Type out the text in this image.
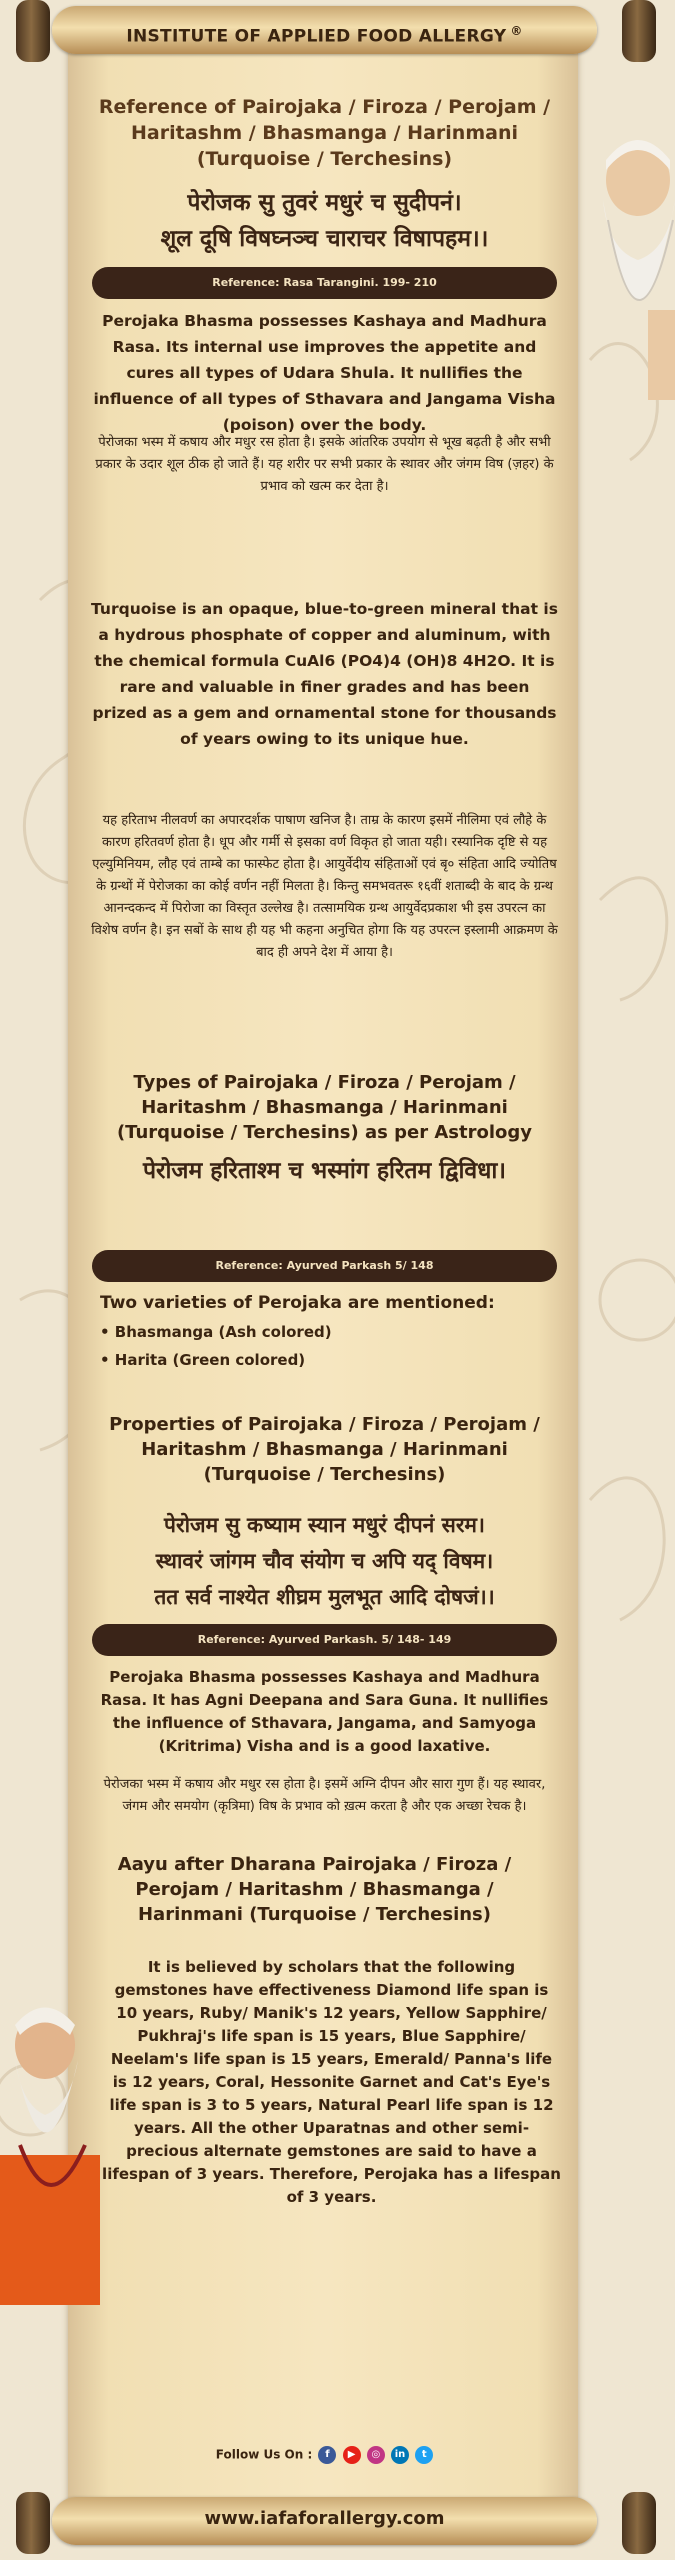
INSTITUTE OF APPLIED FOOD ALLERGY ®
Reference of Pairojaka / Firoza / Perojam / Haritashm / Bhasmanga / Harinmani (Turquoise / Terchesins)
पेरोजक सु तुवरं मधुरं च सुदीपनं।
शूल दूषि विषघ्नञ्च चाराचर विषापहम।।
Reference: Rasa Tarangini. 199- 210
Perojaka Bhasma possesses Kashaya and Madhura Rasa. Its internal use improves the appetite and cures all types of Udara Shula. It nullifies the influence of all types of Sthavara and Jangama Visha (poison) over the body.
पेरोजका भस्म में कषाय और मधुर रस होता है। इसके आंतरिक उपयोग से भूख बढ़ती है और सभी प्रकार के उदार शूल ठीक हो जाते हैं। यह शरीर पर सभी प्रकार के स्थावर और जंगम विष (ज़हर) के प्रभाव को खत्म कर देता है।
Turquoise is an opaque, blue-to-green mineral that is a hydrous phosphate of copper and aluminum, with the chemical formula CuAl6 (PO4)4 (OH)8 4H2O. It is rare and valuable in finer grades and has been prized as a gem and ornamental stone for thousands of years owing to its unique hue.
यह हरिताभ नीलवर्ण का अपारदर्शक पाषाण खनिज है। ताम्र के कारण इसमें नीलिमा एवं लौहे के कारण हरितवर्ण होता है। धूप और गर्मी से इसका वर्ण विकृत हो जाता यही। रस्यानिक दृष्टि से यह एल्युमिनियम, लौह एवं ताम्बे का फास्फेट होता है। आयुर्वेदीय संहिताओं एवं बृ० संहिता आदि ज्योतिष के ग्रन्थों में पेरोजका का कोई वर्णन नहीं मिलता है। किन्तु समभवतरू १६वीं शताब्दी के बाद के ग्रन्थ आनन्दकन्द में पिरोजा का विस्तृत उल्लेख है। तत्सामयिक ग्रन्थ आयुर्वेदप्रकाश भी इस उपरत्न का विशेष वर्णन है। इन सबों के साथ ही यह भी कहना अनुचित होगा कि यह उपरत्न इस्लामी आक्रमण के बाद ही अपने देश में आया है।
Types of Pairojaka / Firoza / Perojam / Haritashm / Bhasmanga / Harinmani (Turquoise / Terchesins) as per Astrology
पेरोजम हरिताश्म च भस्मांग हरितम द्विविधा।
Reference: Ayurved Parkash 5/ 148
Two varieties of Perojaka are mentioned:
• Bhasmanga (Ash colored)
• Harita (Green colored)
Properties of Pairojaka / Firoza / Perojam / Haritashm / Bhasmanga / Harinmani (Turquoise / Terchesins)
पेरोजम सु कष्याम स्यान मधुरं दीपनं सरम।
स्थावरं जांगम चौव संयोग च अपि यद् विषम।
तत सर्व नाश्येत शीघ्रम मुलभूत आदि दोषजं।।
Reference: Ayurved Parkash. 5/ 148- 149
Perojaka Bhasma possesses Kashaya and Madhura Rasa. It has Agni Deepana and Sara Guna. It nullifies the influence of Sthavara, Jangama, and Samyoga (Kritrima) Visha and is a good laxative.
पेरोजका भस्म में कषाय और मधुर रस होता है। इसमें अग्नि दीपन और सारा गुण हैं। यह स्थावर, जंगम और समयोग (कृत्रिमा) विष के प्रभाव को ख़त्म करता है और एक अच्छा रेचक है।
Aayu after Dharana Pairojaka / Firoza / Perojam / Haritashm / Bhasmanga / Harinmani (Turquoise / Terchesins)
It is believed by scholars that the following gemstones have effectiveness Diamond life span is 10 years, Ruby/ Manik's 12 years, Yellow Sapphire/ Pukhraj's life span is 15 years, Blue Sapphire/ Neelam's life span is 15 years, Emerald/ Panna's life is 12 years, Coral, Hessonite Garnet and Cat's Eye's life span is 3 to 5 years, Natural Pearl life span is 12 years. All the other Uparatnas and other semi-precious alternate gemstones are said to have a lifespan of 3 years. Therefore, Perojaka has a lifespan of 3 years.
Follow Us On : f ▶ ◎ in t
www.iafaforallergy.com
